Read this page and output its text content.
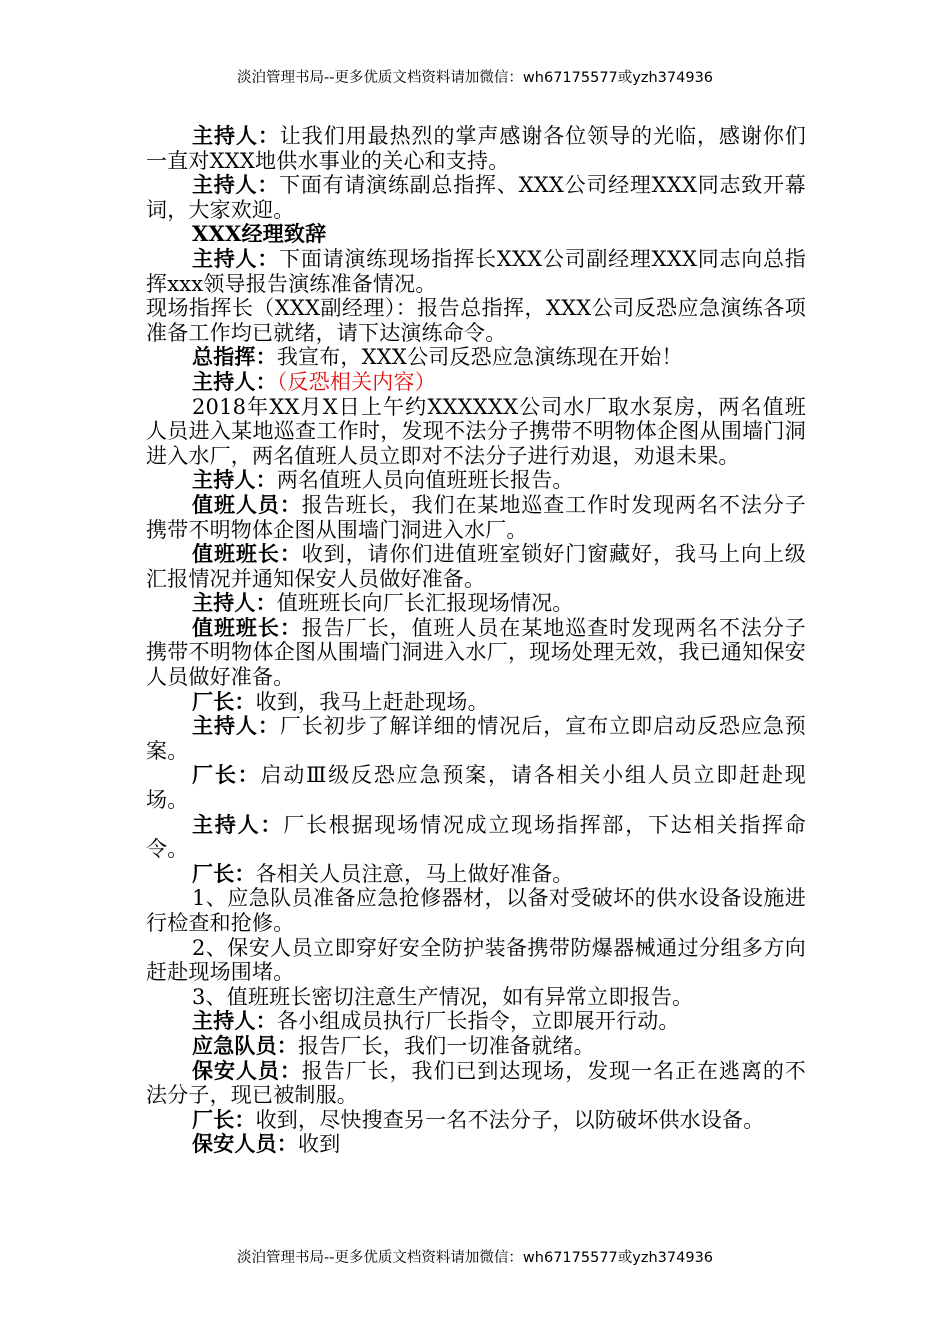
淡泊管理书局--更多优质文档资料请加微信：wh67175577或yzh374936

主持人：让我们用最热烈的掌声感谢各位领导的光临，感谢你们一直对XXX地供水事业的关心和支持。

主持人：下面有请演练副总指挥、XXX公司经理XXX同志致开幕词，大家欢迎。

XXX经理致辞

主持人：下面请演练现场指挥长XXX公司副经理XXX同志向总指挥xxx领导报告演练准备情况。

现场指挥长（XXX副经理）：报告总指挥，XXX公司反恐应急演练各项准备工作均已就绪，请下达演练命令。

总指挥：我宣布，XXX公司反恐应急演练现在开始！

主持人：（反恐相关内容）

2018年XX月X日上午约XXXXXX公司水厂取水泵房，两名值班人员进入某地巡查工作时，发现不法分子携带不明物体企图从围墙门洞进入水厂，两名值班人员立即对不法分子进行劝退，劝退未果。

主持人：两名值班人员向值班班长报告。

值班人员：报告班长，我们在某地巡查工作时发现两名不法分子携带不明物体企图从围墙门洞进入水厂。

值班班长：收到，请你们进值班室锁好门窗藏好，我马上向上级汇报情况并通知保安人员做好准备。

主持人：值班班长向厂长汇报现场情况。

值班班长：报告厂长，值班人员在某地巡查时发现两名不法分子携带不明物体企图从围墙门洞进入水厂，现场处理无效，我已通知保安人员做好准备。

厂长：收到，我马上赶赴现场。

主持人：厂长初步了解详细的情况后，宣布立即启动反恐应急预案。

厂长：启动Ⅲ级反恐应急预案，请各相关小组人员立即赶赴现场。

主持人：厂长根据现场情况成立现场指挥部，下达相关指挥命令。

厂长：各相关人员注意，马上做好准备。

1、应急队员准备应急抢修器材，以备对受破坏的供水设备设施进行检查和抢修。

2、保安人员立即穿好安全防护装备携带防爆器械通过分组多方向赶赴现场围堵。

3、值班班长密切注意生产情况，如有异常立即报告。

主持人：各小组成员执行厂长指令，立即展开行动。

应急队员：报告厂长，我们一切准备就绪。

保安人员：报告厂长，我们已到达现场，发现一名正在逃离的不法分子，现已被制服。

厂长：收到，尽快搜查另一名不法分子，以防破坏供水设备。

保安人员：收到

淡泊管理书局--更多优质文档资料请加微信：wh67175577或yzh374936
